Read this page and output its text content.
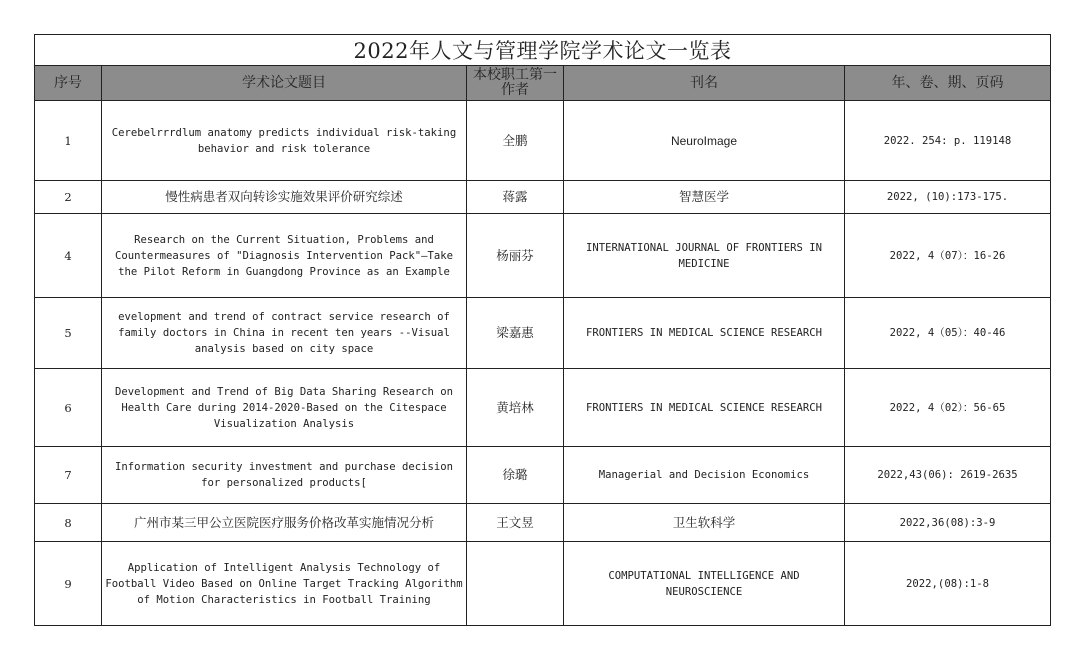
2022年人文与管理学院学术论文一览表				
序号	学术论文题目	本校职工第一作者	刊名	年、卷、期、页码
1	Cerebelrrrdlum anatomy predicts individual risk-taking behavior and risk tolerance	全鹏	NeuroImage	2022. 254: p. 119148
2	慢性病患者双向转诊实施效果评价研究综述	蒋露	智慧医学	2022, (10):173-175.
4	Research on the Current Situation, Problems and Countermeasures of "Diagnosis Intervention Pack"—Take the Pilot Reform in Guangdong Province as an Example	杨丽芬	INTERNATIONAL JOURNAL OF FRONTIERS IN MEDICINE	2022, 4（07）：16-26
5	evelopment and trend of contract service research of family doctors in China in recent ten years --Visual analysis based on city space	梁嘉惠	FRONTIERS IN MEDICAL SCIENCE RESEARCH	2022, 4（05）：40-46
6	Development and Trend of Big Data Sharing Research on Health Care during 2014-2020-Based on the Citespace Visualization Analysis	黄培林	FRONTIERS IN MEDICAL SCIENCE RESEARCH	2022, 4（02）：56-65
7	Information security investment and purchase decision for personalized products[	徐璐	Managerial and Decision Economics	2022,43(06): 2619-2635
8	广州市某三甲公立医院医疗服务价格改革实施情况分析	王文昱	卫生软科学	2022,36(08):3-9
9	Application of Intelligent Analysis Technology of Football Video Based on Online Target Tracking Algorithm of Motion Characteristics in Football Training		COMPUTATIONAL INTELLIGENCE AND NEUROSCIENCE	2022,(08):1-8
